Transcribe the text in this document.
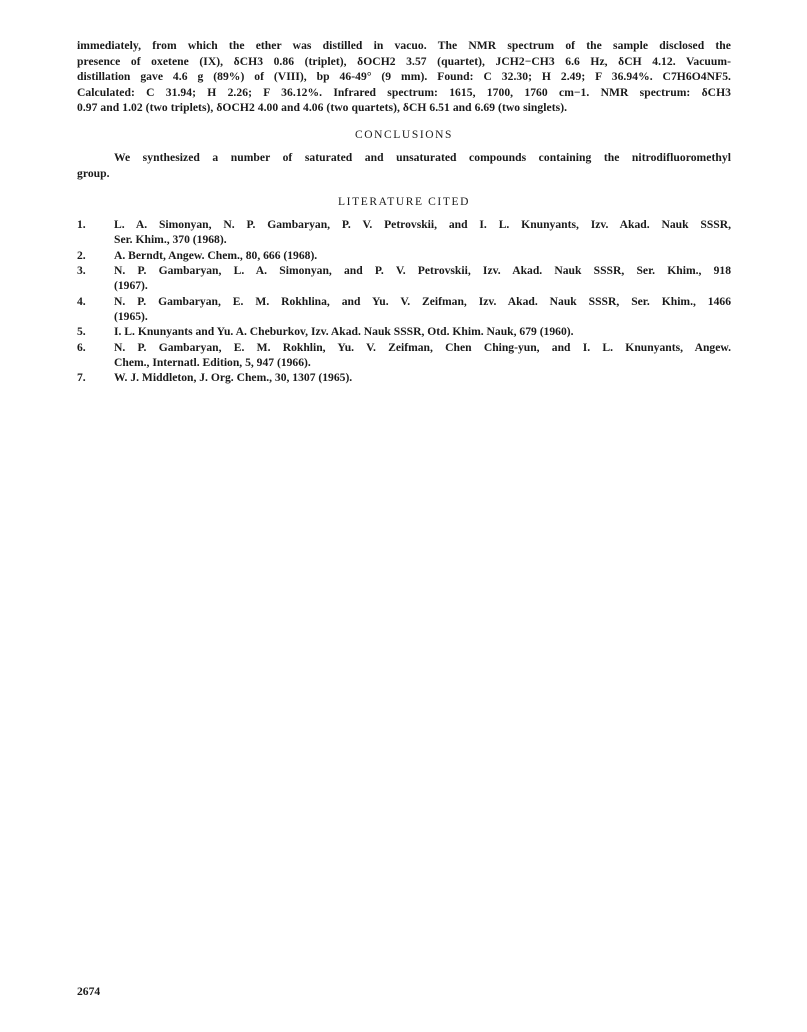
immediately, from which the ether was distilled in vacuo. The NMR spectrum of the sample disclosed the
presence of oxetene (IX), δCH3 0.86 (triplet), δOCH2 3.57 (quartet), JCH2−CH3 6.6 Hz, δCH 4.12. Vacuum-
distillation gave 4.6 g (89%) of (VIII), bp 46-49° (9 mm). Found: C 32.30; H 2.49; F 36.94%. C7H6O4NF5.
Calculated: C 31.94; H 2.26; F 36.12%. Infrared spectrum: 1615, 1700, 1760 cm−1. NMR spectrum: δCH3
0.97 and 1.02 (two triplets), δOCH2 4.00 and 4.06 (two quartets), δCH 6.51 and 6.69 (two singlets).

CONCLUSIONS

We synthesized a number of saturated and unsaturated compounds containing the nitrodifluoromethyl
group.

LITERATURE CITED
1.	L. A. Simonyan, N. P. Gambaryan, P. V. Petrovskii, and I. L. Knunyants, Izv. Akad. Nauk SSSR,
Ser. Khim., 370 (1968).
2.	A. Berndt, Angew. Chem., 80, 666 (1968).
3.	N. P. Gambaryan, L. A. Simonyan, and P. V. Petrovskii, Izv. Akad. Nauk SSSR, Ser. Khim., 918
(1967).
4.	N. P. Gambaryan, E. M. Rokhlina, and Yu. V. Zeifman, Izv. Akad. Nauk SSSR, Ser. Khim., 1466
(1965).
5.	I. L. Knunyants and Yu. A. Cheburkov, Izv. Akad. Nauk SSSR, Otd. Khim. Nauk, 679 (1960).
6.	N. P. Gambaryan, E. M. Rokhlin, Yu. V. Zeifman, Chen Ching-yun, and I. L. Knunyants, Angew.
Chem., Internatl. Edition, 5, 947 (1966).
7.	W. J. Middleton, J. Org. Chem., 30, 1307 (1965).
2674
